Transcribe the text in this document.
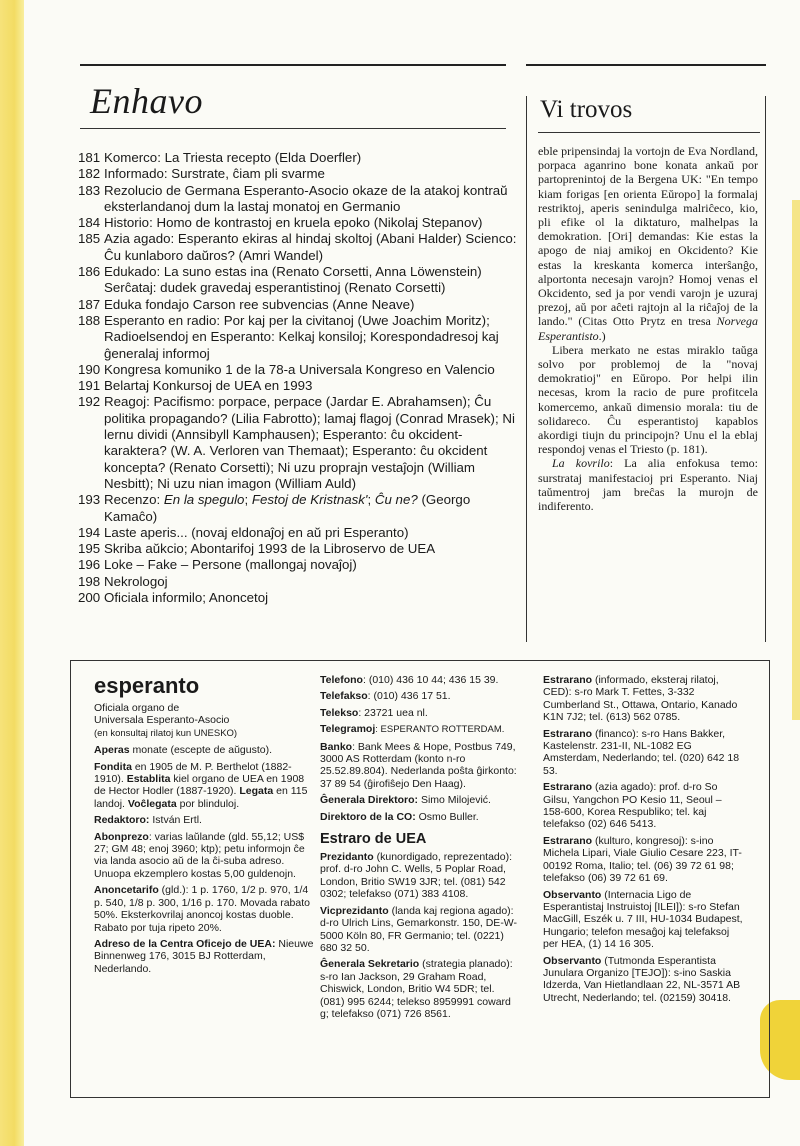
Enhavo
181 Komerco: La Triesta recepto (Elda Doerfler)
182 Informado: Surstrate, ĉiam pli svarme
183 Rezolucio de Germana Esperanto-Asocio okaze de la atakoj kontraŭ eksterlandanoj dum la lastaj monatoj en Germanio
184 Historio: Homo de kontrastoj en kruela epoko (Nikolaj Stepanov)
185 Azia agado: Esperanto ekiras al hindaj skoltoj (Abani Halder) Scienco: Ĉu kunlaboro daŭros? (Amri Wandel)
186 Edukado: La suno estas ina (Renato Corsetti, Anna Löwenstein) Serĉataj: dudek gravedaj esperantistinoj (Renato Corsetti)
187 Eduka fondajo Carson ree subvencias (Anne Neave)
188 Esperanto en radio: Por kaj per la civitanoj (Uwe Joachim Moritz); Radioelsendoj en Esperanto: Kelkaj konsiloj; Korespondadresoj kaj ĝeneralaj informoj
190 Kongresa komuniko 1 de la 78-a Universala Kongreso en Valencio
191 Belartaj Konkursoj de UEA en 1993
192 Reagoj: Pacifismo: porpace, perpace (Jardar E. Abrahamsen); Ĉu politika propagando? (Lilia Fabrotto); lamaj flagoj (Conrad Mrasek); Ni lernu dividi (Annsibyll Kamphausen); Esperanto: ĉu okcident-karaktera? (W. A. Verloren van Themaat); Esperanto: ĉu okcident koncepta? (Renato Corsetti); Ni uzu proprajn vestaĵojn (William Nesbitt); Ni uzu nian imagon (William Auld)
193 Recenzo: En la spegulo; Festoj de Kristnask'; Ĉu ne? (Georgo Kamaĉo)
194 Laste aperis... (novaj eldonaĵoj en aŭ pri Esperanto)
195 Skriba aŭkcio; Abontarifoj 1993 de la Libroservo de UEA
196 Loke – Fake – Persone (mallongaj novaĵoj)
198 Nekrologoj
200 Oficiala informilo; Anoncetoj
Vi trovos

eble pripensindaj la vortojn de Eva Nordland, porpaca aganrino bone konata ankaŭ por partoprenintoj de la Bergena UK: "En tempo kiam forigas [en orienta Eŭropo] la formalaj restriktoj, aperis senindulga malriĉeco, kio, pli efike ol la diktaturo, malhelpas la demokration. [Ori] demandas: Kie estas la apogo de niaj amikoj en Okcidento? Kie estas la kreskanta komerca interŝanĝo, alportonta necesajn varojn? Homoj venas el Okcidento, sed ja por vendi varojn je uzuraj prezoj, aŭ por aĉeti rajtojn al la riĉaĵoj de la lando." (Citas Otto Prytz en tresa Norvega Esperantisto.)

Libera merkato ne estas miraklo taŭga solvo por problemoj de la "novaj demokratioj" en Eŭropo. Por helpi ilin necesas, krom la racio de pure profitcela komercemo, ankaŭ dimensio morala: tiu de solidareco. Ĉu esperantistoj kapablos akordigi tiujn du principojn? Unu el la eblaj respondoj venas el Triesto (p. 181).

La kovrilo: La alia enfokusa temo: surstrataj manifestacioj pri Esperanto. Niaj taŭmentroj jam breĉas la murojn de indiferento.

esperanto

Oficiala organo de
Universala Esperanto-Asocio
(en konsultaj rilatoj kun UNESKO)

Aperas monate (escepte de aŭgusto).

Fondita en 1905 de M. P. Berthelot (1882-1910). Establita kiel organo de UEA en 1908 de Hector Hodler (1887-1920). Legata en 115 landoj. Voĉlegata por blinduloj.

Redaktoro: István Ertl.

Abonprezo: varias laŭlande (gld. 55,12; US$ 27; GM 48; enoj 3960; ktp); petu informojn ĉe via landa asocio aŭ de la ĉi-suba adreso. Unuopa ekzemplero kostas 5,00 guldenojn.

Anoncetarifo (gld.): 1 p. 1760, 1/2 p. 970, 1/4 p. 540, 1/8 p. 300, 1/16 p. 170. Movada rabato 50%. Eksterkovrilaj anoncoj kostas duoble. Rabato por tuja ripeto 20%.

Adreso de la Centra Oficejo de UEA: Nieuwe Binnenweg 176, 3015 BJ Rotterdam, Nederlando.

Telefono: (010) 436 10 44; 436 15 39.

Telefakso: (010) 436 17 51.

Telekso: 23721 uea nl.

Telegramoj: ESPERANTO ROTTERDAM.

Banko: Bank Mees & Hope, Postbus 749, 3000 AS Rotterdam (konto n-ro 25.52.89.804). Nederlanda poŝta ĝirkonto: 37 89 54 (ĝirofiŝejo Den Haag).

Ĝenerala Direktoro: Simo Milojević.

Direktoro de la CO: Osmo Buller.

Estraro de UEA

Prezidanto (kunordigado, reprezentado): prof. d-ro John C. Wells, 5 Poplar Road, London, Britio SW19 3JR; tel. (081) 542 0302; telefakso (071) 383 4108.

Vicprezidanto (landa kaj regiona agado): d-ro Ulrich Lins, Gemarkonstr. 150, DE-W-5000 Köln 80, FR Germanio; tel. (0221) 680 32 50.

Ĝenerala Sekretario (strategia planado): s-ro Ian Jackson, 29 Graham Road, Chiswick, London, Britio W4 5DR; tel. (081) 995 6244; telekso 8959991 coward g; telefakso (071) 726 8561.

Estrarano (informado, eksteraj rilatoj, CED): s-ro Mark T. Fettes, 3-332 Cumberland St., Ottawa, Ontario, Kanado K1N 7J2; tel. (613) 562 0785.

Estrarano (financo): s-ro Hans Bakker, Kastelenstr. 231-II, NL-1082 EG Amsterdam, Nederlando; tel. (020) 642 18 53.

Estrarano (azia agado): prof. d-ro So Gilsu, Yangchon PO Kesio 11, Seoul – 158-600, Korea Respubliko; tel. kaj telefakso (02) 646 5413.

Estrarano (kulturo, kongresoj): s-ino Michela Lipari, Viale Giulio Cesare 223, IT-00192 Roma, Italio; tel. (06) 39 72 61 98; telefakso (06) 39 72 61 69.

Observanto (Internacia Ligo de Esperantistaj Instruistoj [ILEI]): s-ro Stefan MacGill, Eszék u. 7 III, HU-1034 Budapest, Hungario; telefon mesaĝoj kaj telefaksoj per HEA, (1) 14 16 305.

Observanto (Tutmonda Esperantista Junulara Organizo [TEJO]): s-ino Saskia Idzerda, Van Hietlandlaan 22, NL-3571 AB Utrecht, Nederlando; tel. (02159) 30418.
